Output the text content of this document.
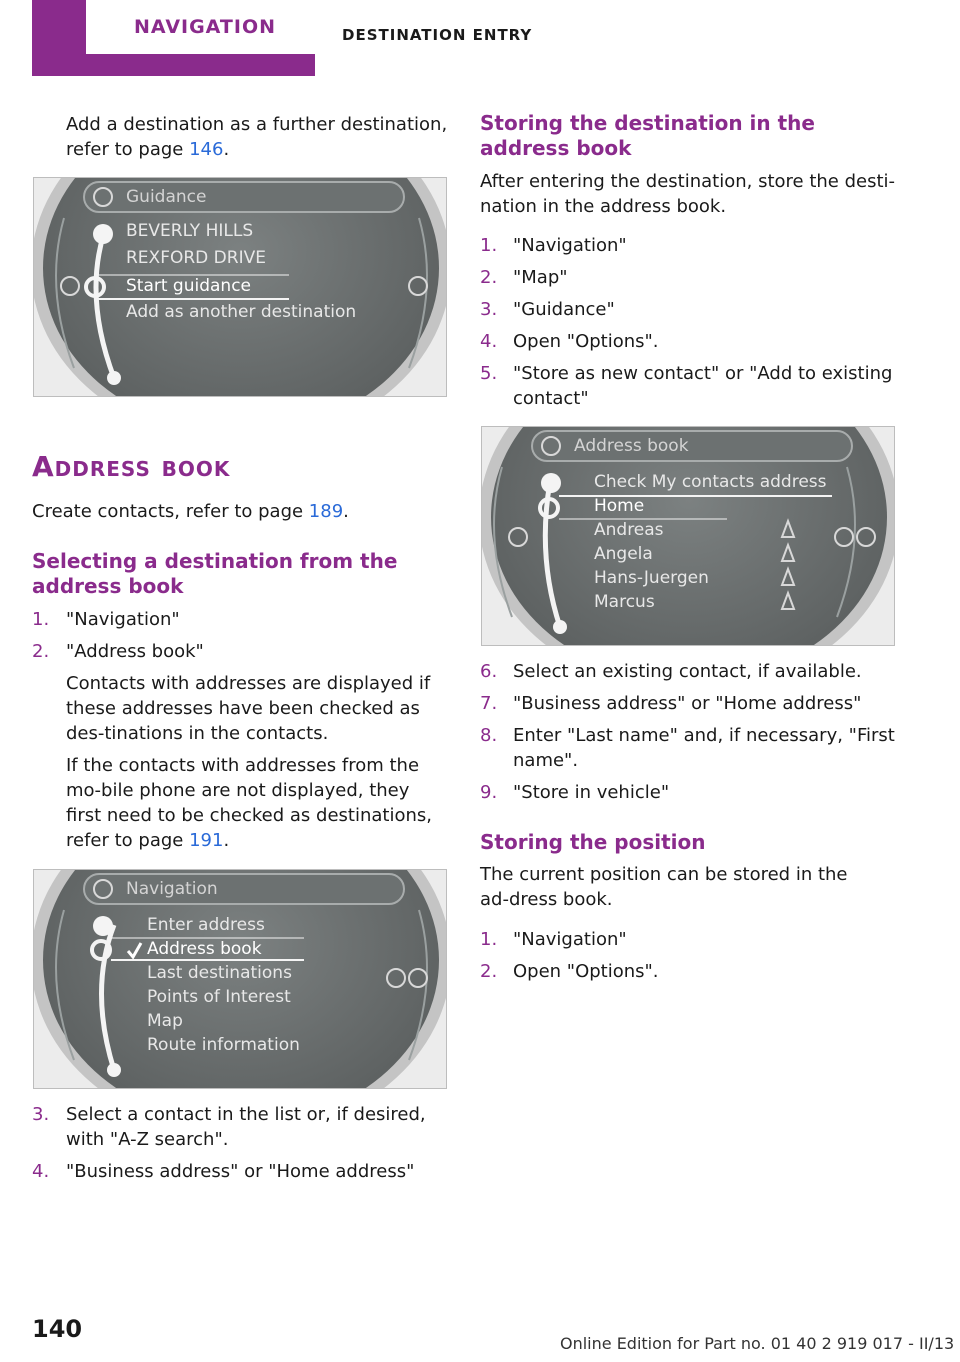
NAVIGATION	DESTINATION ENTRY
Add a destination as a further destination, refer to page 146.
Guidance
BEVERLY HILLS
REXFORD DRIVE
Start guidance
Add as another destination
Address book
Create contacts, refer to page 189.
Selecting a destination from the address book
1. "Navigation"
2. "Address book"
Contacts with addresses are displayed if these addresses have been checked as des‐tinations in the contacts.
If the contacts with addresses from the mo‐bile phone are not displayed, they first need to be checked as destinations, refer to page 191.
Navigation
Enter address
Address book
Last destinations
Points of Interest
Map
Route information
3. Select a contact in the list or, if desired, with "A-Z search".
4. "Business address" or "Home address"
Storing the destination in the address book
After entering the destination, store the desti‐nation in the address book.
1. "Navigation"
2. "Map"
3. "Guidance"
4. Open "Options".
5. "Store as new contact" or "Add to existing contact"
Address book
Check My contacts address
Home
Andreas
Angela
Hans-Juergen
Marcus
6. Select an existing contact, if available.
7. "Business address" or "Home address"
8. Enter "Last name" and, if necessary, "First name".
9. "Store in vehicle"
Storing the position
The current position can be stored in the ad‐dress book.
1. "Navigation"
2. Open "Options".
140
Online Edition for Part no. 01 40 2 919 017 - II/13
